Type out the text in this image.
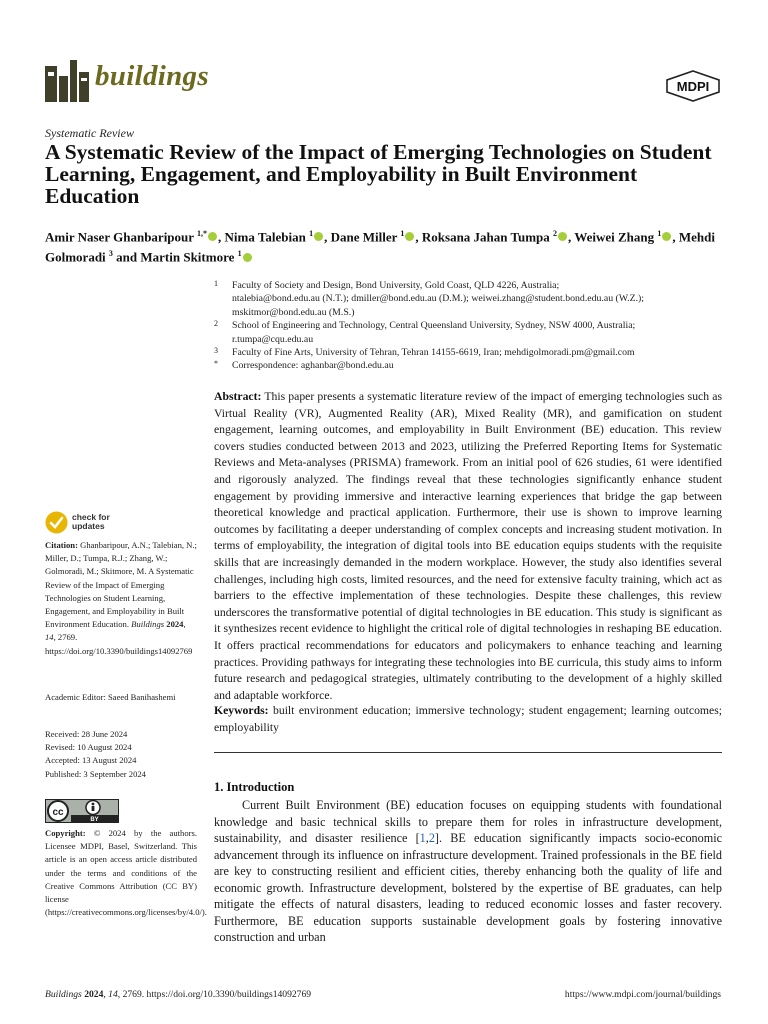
buildings	MDPI
Systematic Review
A Systematic Review of the Impact of Emerging Technologies on Student Learning, Engagement, and Employability in Built Environment Education
Amir Naser Ghanbaripour $^{1,*}$ , Nima Talebian $^1$ , Dane Miller $^1$ , Roksana Jahan Tumpa $^2$ , Weiwei Zhang $^1$ , Mehdi Golmoradi $^3$ and Martin Skitmore $^1$
1 Faculty of Society and Design, Bond University, Gold Coast, QLD 4226, Australia;
ntalebia@bond.edu.au (N.T.); dmiller@bond.edu.au (D.M.); weiwei.zhang@student.bond.edu.au (W.Z.);
mskitmor@bond.edu.au (M.S.)
2 School of Engineering and Technology, Central Queensland University, Sydney, NSW 4000, Australia;
r.tumpa@cqu.edu.au
3 Faculty of Fine Arts, University of Tehran, Tehran 14155-6619, Iran; mehdigolmoradi.pm@gmail.com
* Correspondence: aghanbar@bond.edu.au

Abstract: This paper presents a systematic literature review of the impact of emerging technologies such as Virtual Reality (VR), Augmented Reality (AR), Mixed Reality (MR), and gamification on student engagement, learning outcomes, and employability in Built Environment (BE) education. This review covers studies conducted between 2013 and 2023, utilizing the Preferred Reporting Items for Systematic Reviews and Meta-analyses (PRISMA) framework. From an initial pool of 626 studies, 61 were identified and rigorously analyzed. The findings reveal that these technologies significantly enhance student engagement by providing immersive and interactive learning experiences that bridge the gap between theoretical knowledge and practical application. Furthermore, their use is shown to improve learning outcomes by facilitating a deeper understanding of complex concepts and increasing student motivation. In terms of employability, the integration of digital tools into BE education equips students with the requisite skills that are increasingly demanded in the modern workplace. However, the study also identifies several challenges, including high costs, limited resources, and the need for extensive faculty training, which act as barriers to the effective implementation of these technologies. Despite these challenges, this review underscores the transformative potential of digital technologies in BE education. This study is significant as it synthesizes recent evidence to highlight the critical role of digital technologies in reshaping BE education. It offers practical recommendations for educators and policymakers to enhance teaching and learning practices. Providing pathways for integrating these technologies into BE curricula, this study aims to inform future research and pedagogical strategies, ultimately contributing to the development of a highly skilled and adaptable workforce.

Keywords: built environment education; immersive technology; student engagement; learning outcomes; employability

check for
updates

Citation: Ghanbaripour, A.N.; Talebian, N.; Miller, D.; Tumpa, R.J.; Zhang, W.; Golmoradi, M.; Skitmore, M. A Systematic Review of the Impact of Emerging Technologies on Student Learning, Engagement, and Employability in Built Environment Education. Buildings 2024, 14, 2769. https://doi.org/10.3390/buildings14092769

Academic Editor: Saeed Banihashemi

Received: 28 June 2024
Revised: 10 August 2024
Accepted: 13 August 2024
Published: 3 September 2024
cc
BY

Copyright: © 2024 by the authors. Licensee MDPI, Basel, Switzerland. This article is an open access article distributed under the terms and conditions of the Creative Commons Attribution (CC BY) license (https://creativecommons.org/licenses/by/4.0/).

1. Introduction

Current Built Environment (BE) education focuses on equipping students with foundational knowledge and basic technical skills to prepare them for roles in infrastructure development, sustainability, and disaster resilience [1,2]. BE education significantly impacts socio-economic advancement through its influence on infrastructure development. Trained professionals in the BE field are key to constructing resilient and efficient cities, thereby enhancing both the quality of life and economic growth. Infrastructure development, bolstered by the expertise of BE graduates, can help mitigate the effects of natural disasters, leading to reduced economic losses and faster recovery. Furthermore, BE education supports sustainable development goals by fostering innovative construction and urban

Buildings 2024, 14, 2769. https://doi.org/10.3390/buildings14092769	https://www.mdpi.com/journal/buildings
